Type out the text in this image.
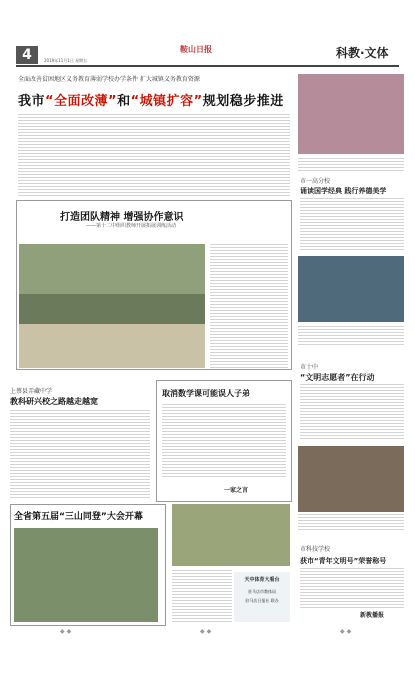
4	2019年11月1日 星期五
鞍山日报	科教·文体
全面改善贫困地区义务教育薄弱学校办学条件 扩大城镇义务教育资源
我市“全面改薄”和“城镇扩容”规划稳步推进
打造团队精神 增强协作意识
——第十二中组织教师开展拓展训练活动
上蔡县弄藏中学
教科研兴校之路越走越宽
取消数学课可能误人子弟
一家之言
全省第五届“三山同登”大会开幕
天中体育大看台
驻马店市教体局
驻马店日报社 联办
市一高分校
诵读国学经典 践行养德美学
市十中
“文明志愿者”在行动
市科技学校
获市“青年文明号”荣誉称号
新教播报
◆◆	◆◆	◆◆
